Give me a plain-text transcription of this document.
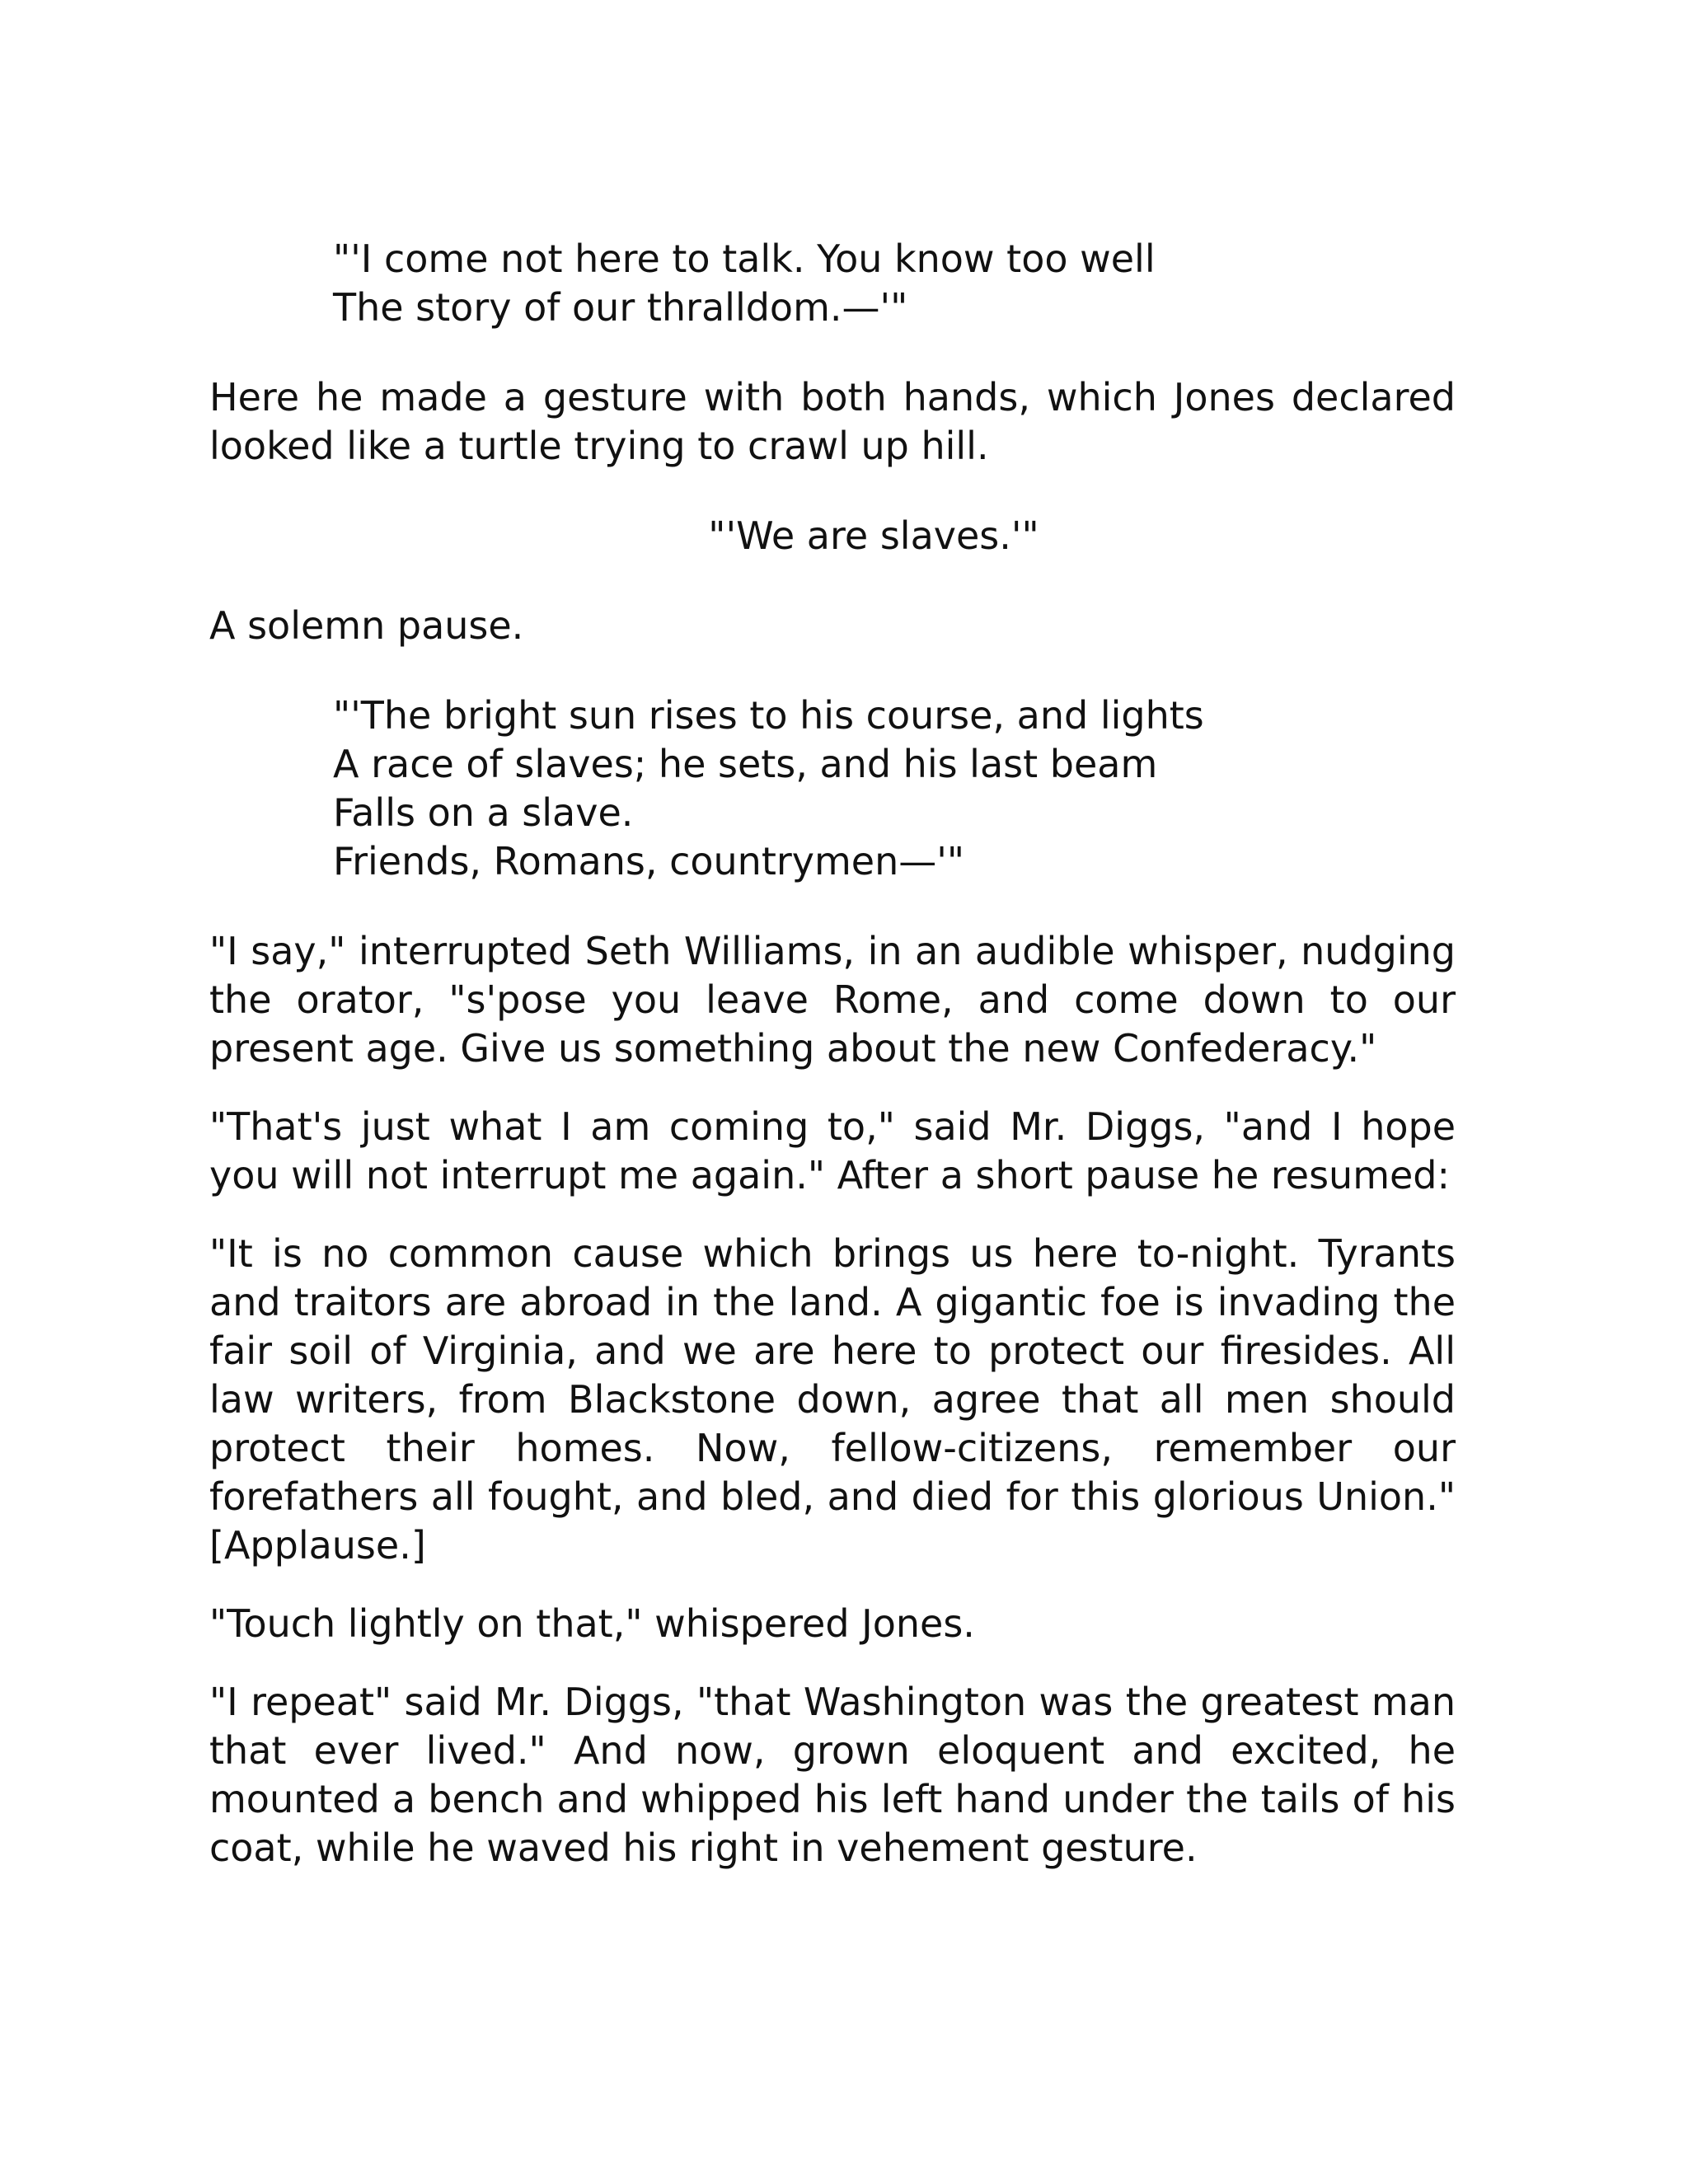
"'I come not here to talk. You know too well
The story of our thralldom.—'"

Here he made a gesture with both hands, which Jones declared looked like a turtle trying to crawl up hill.

"'We are slaves.'"

A solemn pause.

"'The bright sun rises to his course, and lights
A race of slaves; he sets, and his last beam
Falls on a slave.
Friends, Romans, countrymen—'"

"I say," interrupted Seth Williams, in an audible whisper, nudging the orator, "s'pose you leave Rome, and come down to our present age. Give us something about the new Confederacy."

"That's just what I am coming to," said Mr. Diggs, "and I hope you will not interrupt me again." After a short pause he resumed:

"It is no common cause which brings us here to-night. Tyrants and traitors are abroad in the land. A gigantic foe is invading the fair soil of Virginia, and we are here to protect our firesides. All law writers, from Blackstone down, agree that all men should protect their homes. Now, fellow-citizens, remember our forefathers all fought, and bled, and died for this glorious Union." [Applause.]

"Touch lightly on that," whispered Jones.

"I repeat" said Mr. Diggs, "that Washington was the greatest man that ever lived." And now, grown eloquent and excited, he mounted a bench and whipped his left hand under the tails of his coat, while he waved his right in vehement gesture.
